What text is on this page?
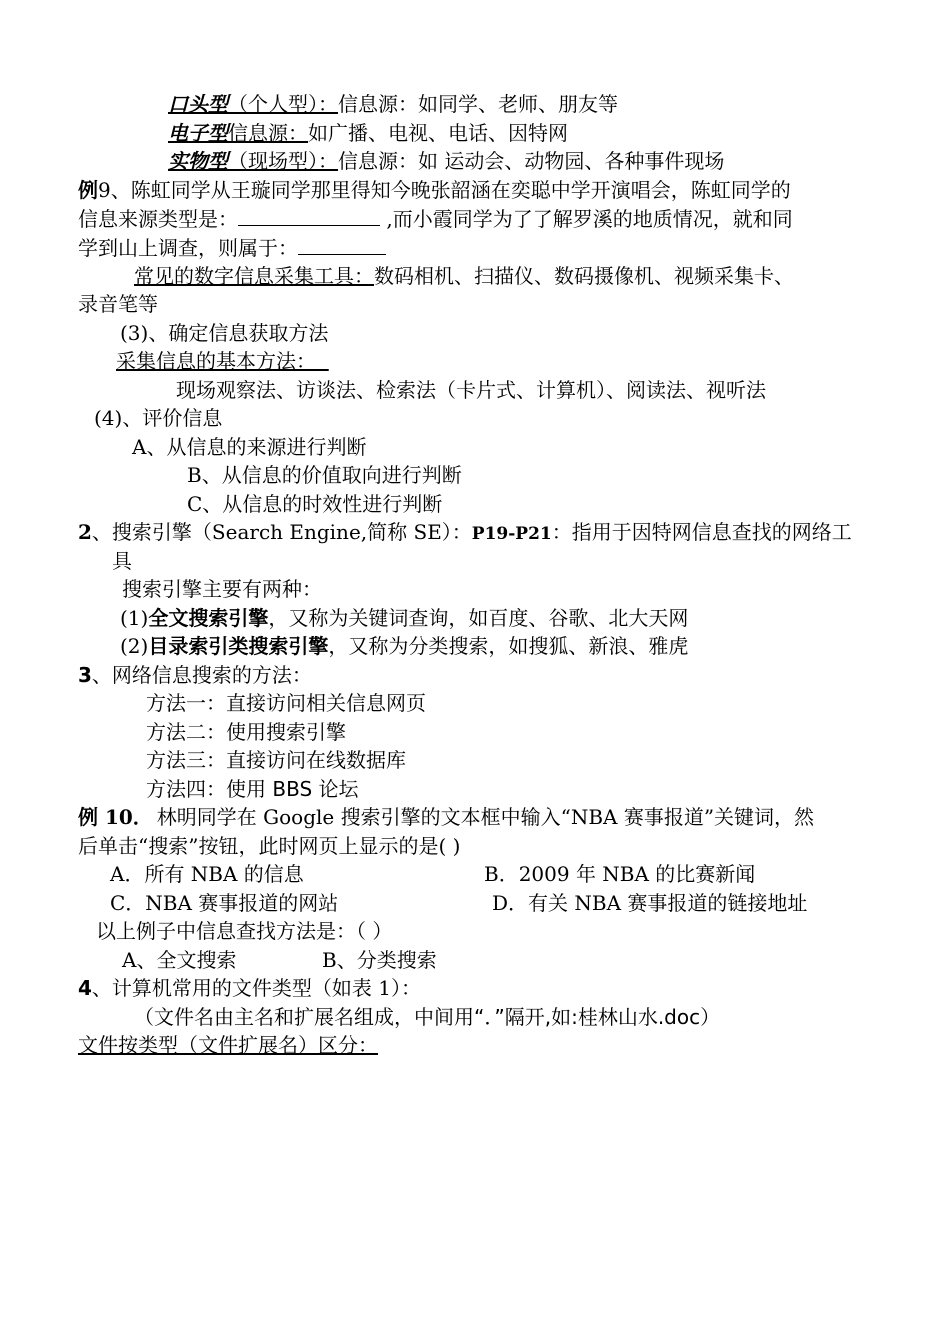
口头型（个人型）：信息源：如同学、老师、朋友等
电子型信息源：如广播、电视、电话、因特网
实物型（现场型）：信息源：如 运动会、动物园、各种事件现场
例9、陈虹同学从王璇同学那里得知今晚张韶涵在奕聪中学开演唱会，陈虹同学的
信息来源类型是：	,而小霞同学为了了解罗溪的地质情况，就和同
学到山上调查，则属于：
常见的数字信息采集工具：数码相机、扫描仪、数码摄像机、视频采集卡、
录音笔等
(3)、确定信息获取方法
采集信息的基本方法：
现场观察法、访谈法、检索法（卡片式、计算机）、阅读法、视听法
(4)、评价信息
A、从信息的来源进行判断
B、从信息的价值取向进行判断
C、从信息的时效性进行判断
2、搜索引擎（Search Engine,简称 SE）：P19-P21：指用于因特网信息查找的网络工
具
搜索引擎主要有两种：
(1)全文搜索引擎，又称为关键词查询，如百度、谷歌、北大天网
(2)目录索引类搜索引擎，又称为分类搜索，如搜狐、新浪、雅虎
3、网络信息搜索的方法：
方法一：直接访问相关信息网页
方法二：使用搜索引擎
方法三：直接访问在线数据库
方法四：使用 BBS 论坛
例 10． 林明同学在 Google 搜索引擎的文本框中输入“NBA 赛事报道”关键词，然
后单击“搜索”按钮，此时网页上显示的是( )
A．所有 NBA 的信息	B．2009 年 NBA 的比赛新闻
C．NBA 赛事报道的网站	D．有关 NBA 赛事报道的链接地址
以上例子中信息查找方法是：（ ）
A、全文搜索	B、分类搜索
4、计算机常用的文件类型（如表 1）：
（文件名由主名和扩展名组成，中间用“．”隔开,如:桂林山水.doc）
文件按类型（文件扩展名）区分：
